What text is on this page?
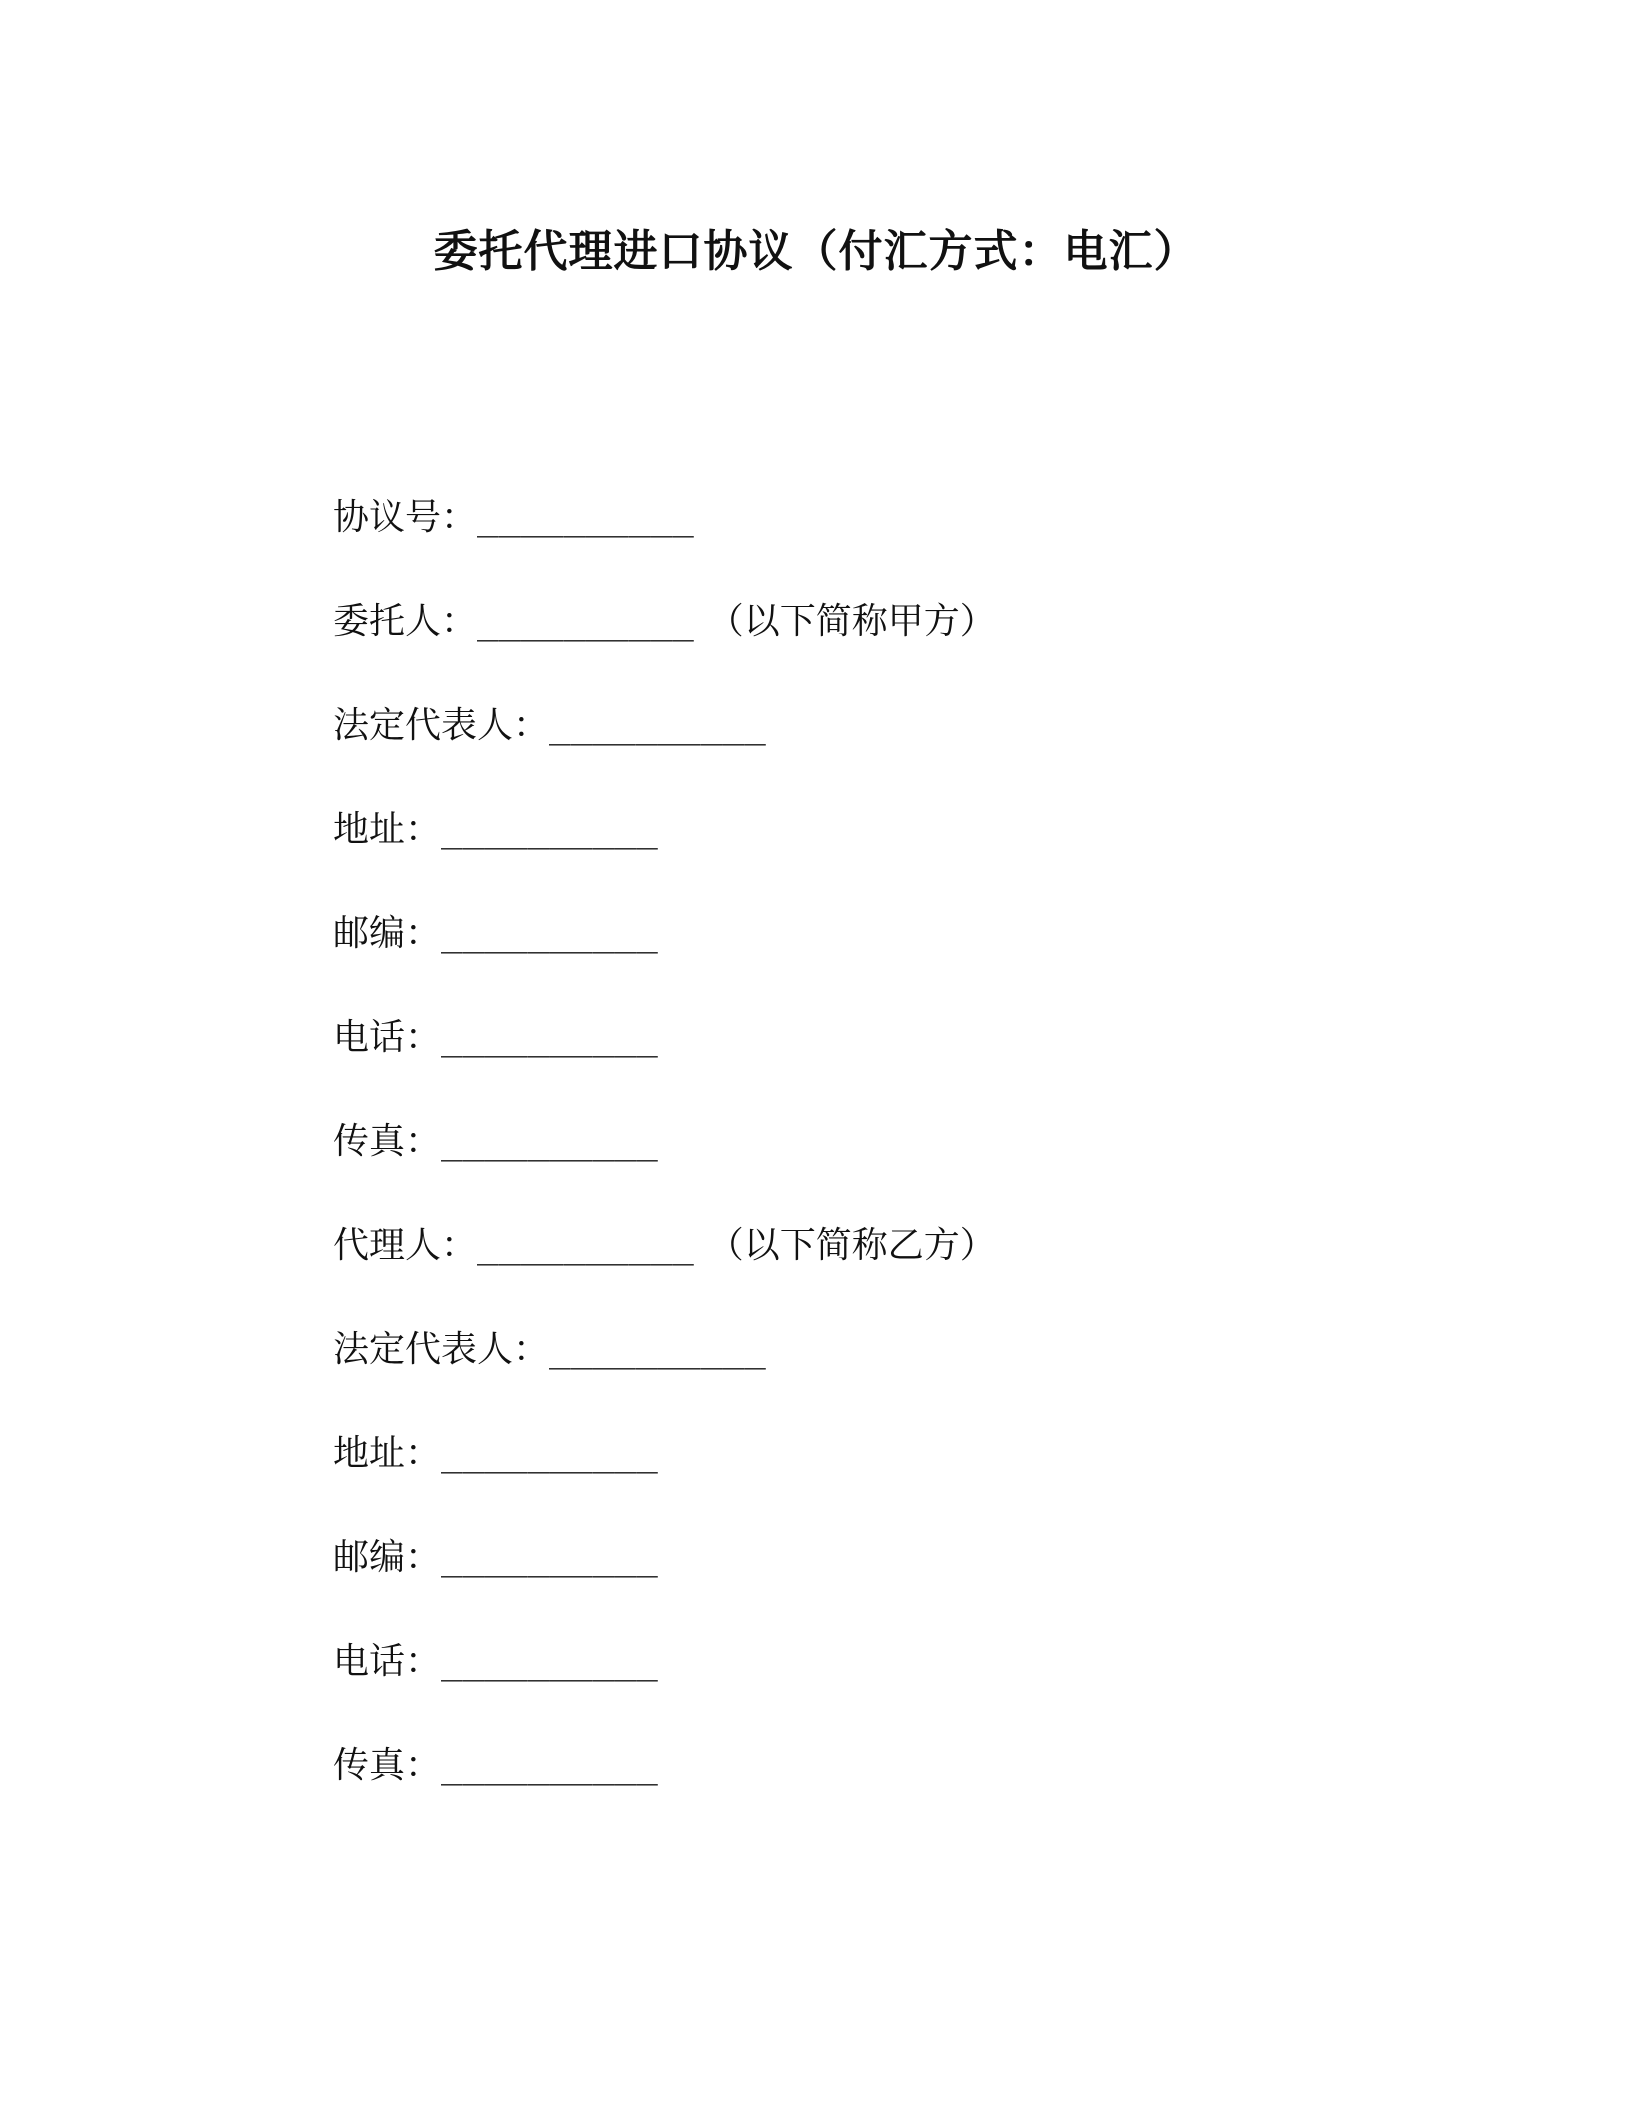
委托代理进口协议（付汇方式：电汇）
协议号：__________
委托人：__________ （以下简称甲方）
法定代表人：__________
地址：__________
邮编：__________
电话：__________
传真：__________
代理人：__________ （以下简称乙方）
法定代表人：__________
地址：__________
邮编：__________
电话：__________
传真：__________
